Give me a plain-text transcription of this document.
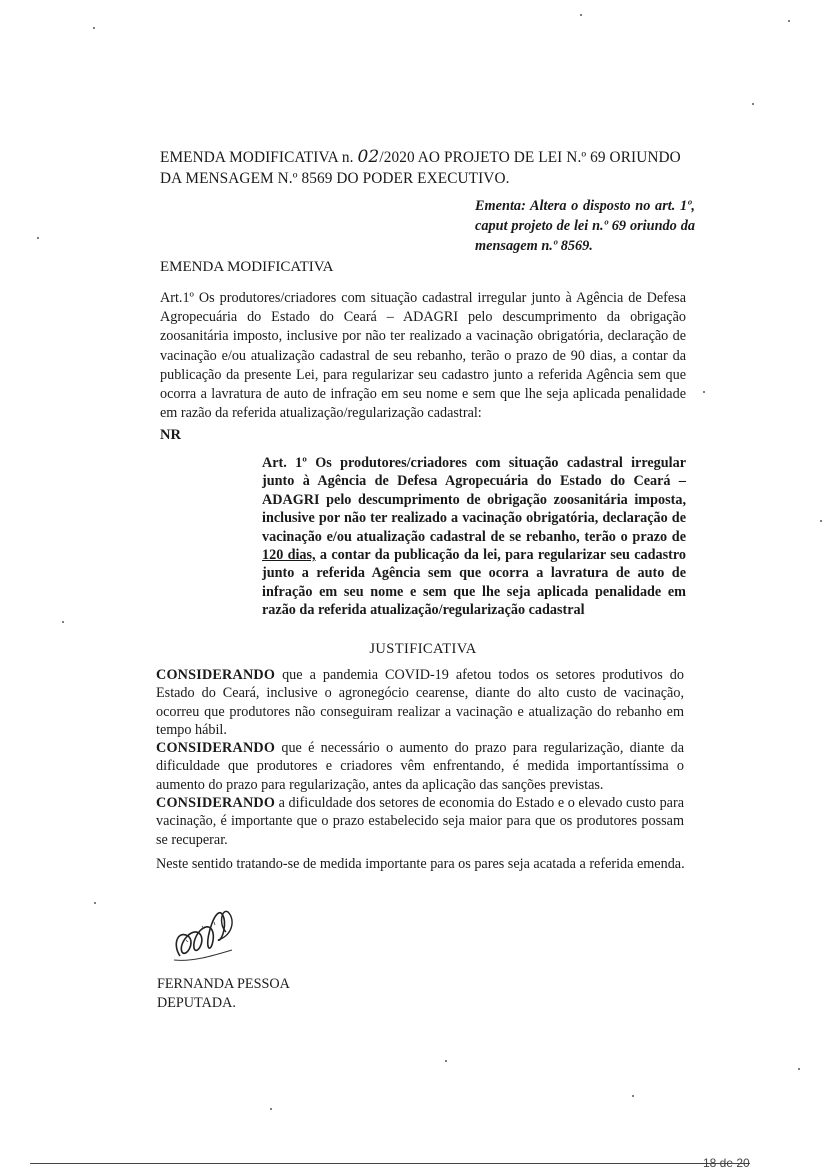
EMENDA MODIFICATIVA n. 02/2020 AO PROJETO DE LEI N.º 69 ORIUNDO DA MENSAGEM N.º 8569 DO PODER EXECUTIVO.
Ementa: Altera o disposto no art. 1º, caput projeto de lei n.º 69 oriundo da mensagem n.º 8569.
EMENDA MODIFICATIVA
Art.1º Os produtores/criadores com situação cadastral irregular junto à Agência de Defesa Agropecuária do Estado do Ceará – ADAGRI pelo descumprimento da obrigação zoosanitária imposto, inclusive por não ter realizado a vacinação obrigatória, declaração de vacinação e/ou atualização cadastral de seu rebanho, terão o prazo de 90 dias, a contar da publicação da presente Lei, para regularizar seu cadastro junto a referida Agência sem que ocorra a lavratura de auto de infração em seu nome e sem que lhe seja aplicada penalidade em razão da referida atualização/regularização cadastral:
NR
Art. 1º Os produtores/criadores com situação cadastral irregular junto à Agência de Defesa Agropecuária do Estado do Ceará – ADAGRI pelo descumprimento de obrigação zoosanitária imposta, inclusive por não ter realizado a vacinação obrigatória, declaração de vacinação e/ou atualização cadastral de se rebanho, terão o prazo de 120 dias, a contar da publicação da lei, para regularizar seu cadastro junto a referida Agência sem que ocorra a lavratura de auto de infração em seu nome e sem que lhe seja aplicada penalidade em razão da referida atualização/regularização cadastral
JUSTIFICATIVA

CONSIDERANDO que a pandemia COVID-19 afetou todos os setores produtivos do Estado do Ceará, inclusive o agronegócio cearense, diante do alto custo de vacinação, ocorreu que produtores não conseguiram realizar a vacinação e atualização do rebanho em tempo hábil.

CONSIDERANDO que é necessário o aumento do prazo para regularização, diante da dificuldade que produtores e criadores vêm enfrentando, é medida importantíssima o aumento do prazo para regularização, antes da aplicação das sanções previstas.

CONSIDERANDO a dificuldade dos setores de economia do Estado e o elevado custo para vacinação, é importante que o prazo estabelecido seja maior para que os produtores possam se recuperar.

Neste sentido tratando-se de medida importante para os pares seja acatada a referida emenda.
FERNANDA PESSOA
DEPUTADA.
18 de 20
